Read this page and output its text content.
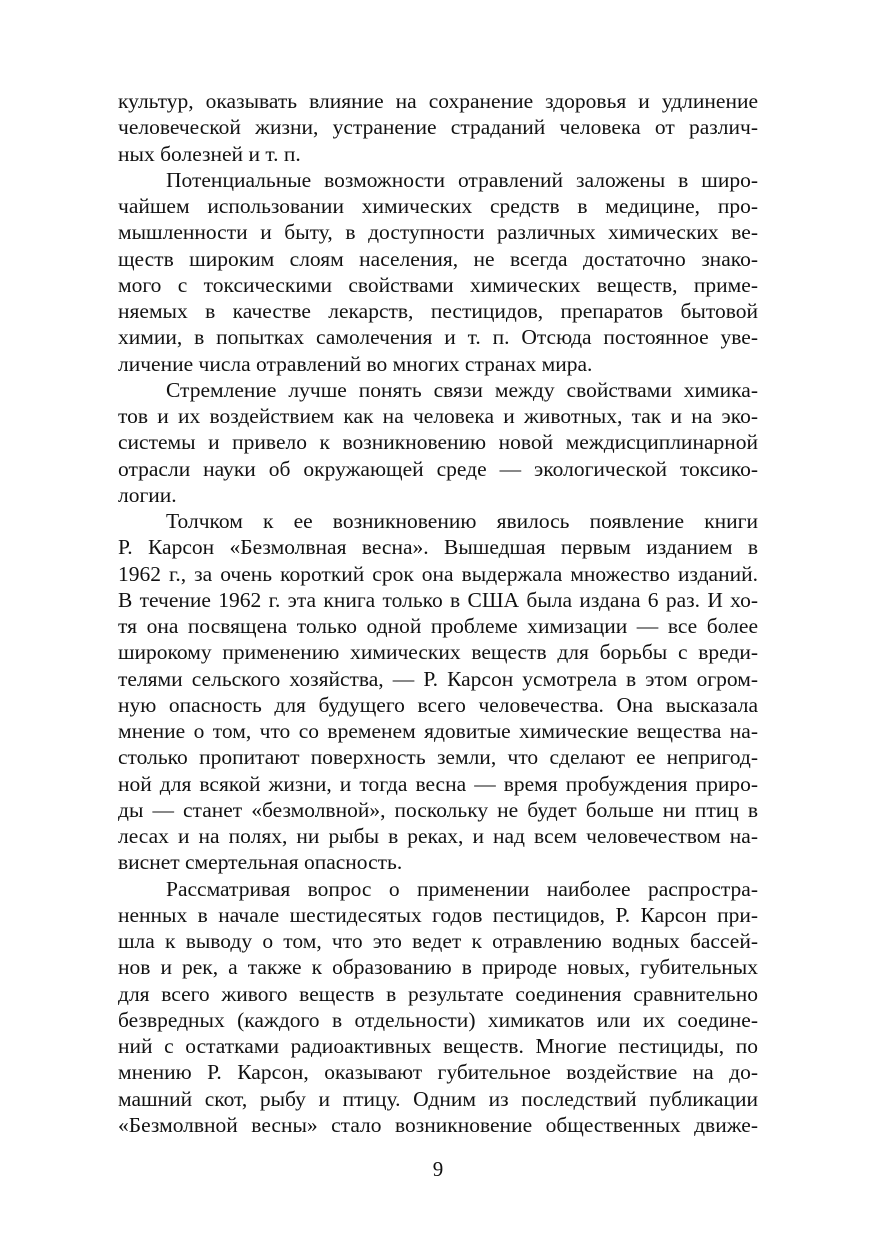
культур, оказывать влияние на сохранение здоровья и удлинение
человеческой жизни, устранение страданий человека от различ-
ных болезней и т. п.
Потенциальные возможности отравлений заложены в широ-
чайшем использовании химических средств в медицине, про-
мышленности и быту, в доступности различных химических ве-
ществ широким слоям населения, не всегда достаточно знако-
мого с токсическими свойствами химических веществ, приме-
няемых в качестве лекарств, пестицидов, препаратов бытовой
химии, в попытках самолечения и т. п. Отсюда постоянное уве-
личение числа отравлений во многих странах мира.
Стремление лучше понять связи между свойствами химика-
тов и их воздействием как на человека и животных, так и на эко-
системы и привело к возникновению новой междисциплинарной
отрасли науки об окружающей среде — экологической токсико-
логии.
Толчком к ее возникновению явилось появление книги
Р. Карсон «Безмолвная весна». Вышедшая первым изданием в
1962 г., за очень короткий срок она выдержала множество изданий.
В течение 1962 г. эта книга только в США была издана 6 раз. И хо-
тя она посвящена только одной проблеме химизации — все более
широкому применению химических веществ для борьбы с вреди-
телями сельского хозяйства, — Р. Карсон усмотрела в этом огром-
ную опасность для будущего всего человечества. Она высказала
мнение о том, что со временем ядовитые химические вещества на-
столько пропитают поверхность земли, что сделают ее непригод-
ной для всякой жизни, и тогда весна — время пробуждения приро-
ды — станет «безмолвной», поскольку не будет больше ни птиц в
лесах и на полях, ни рыбы в реках, и над всем человечеством на-
виснет смертельная опасность.
Рассматривая вопрос о применении наиболее распростра-
ненных в начале шестидесятых годов пестицидов, Р. Карсон при-
шла к выводу о том, что это ведет к отравлению водных бассей-
нов и рек, а также к образованию в природе новых, губительных
для всего живого веществ в результате соединения сравнительно
безвредных (каждого в отдельности) химикатов или их соедине-
ний с остатками радиоактивных веществ. Многие пестициды, по
мнению Р. Карсон, оказывают губительное воздействие на до-
машний скот, рыбу и птицу. Одним из последствий публикации
«Безмолвной весны» стало возникновение общественных движе-
9
